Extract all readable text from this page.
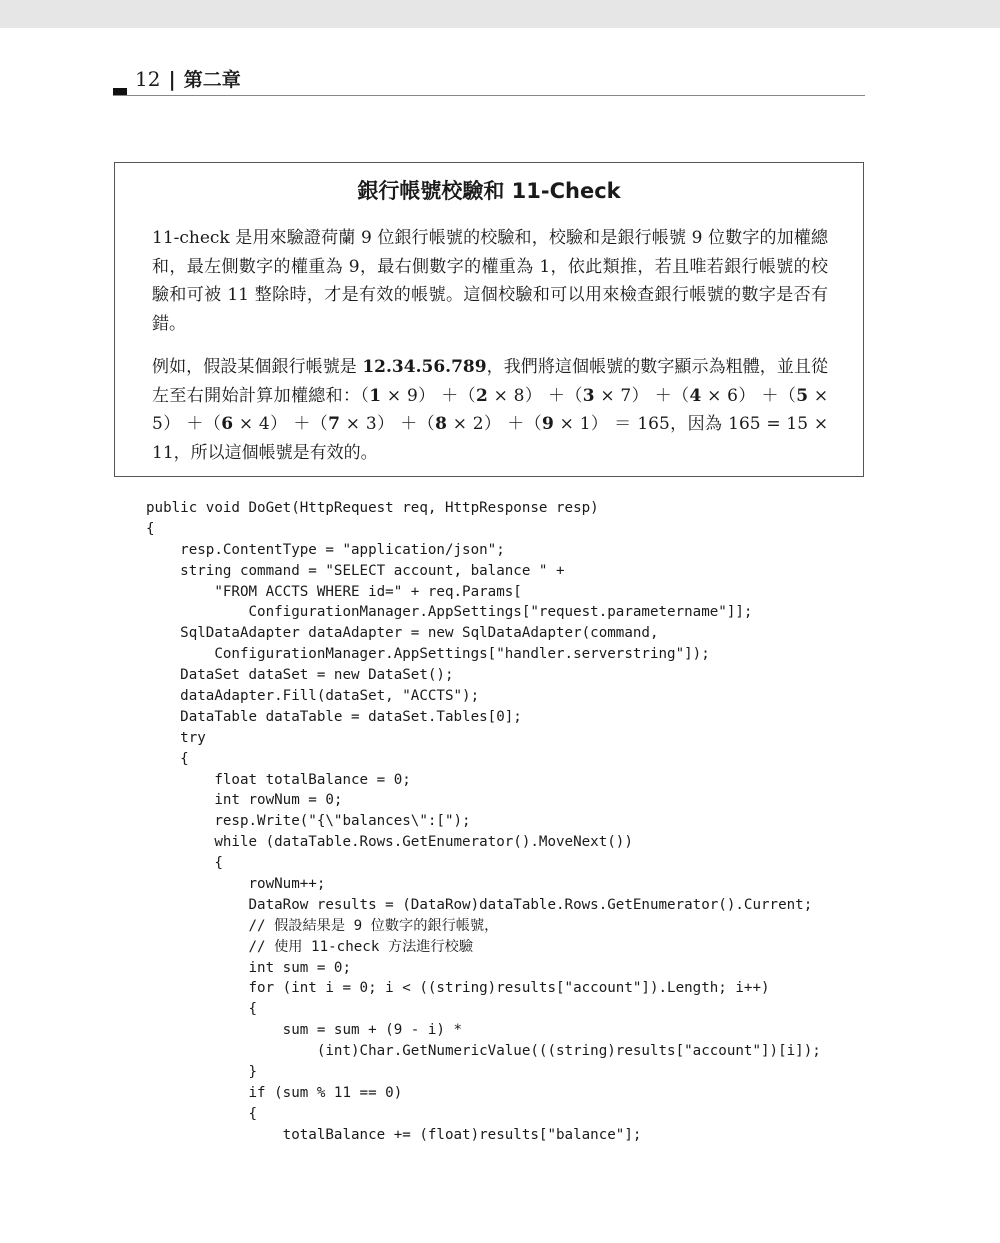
12 | 第二章
銀行帳號校驗和 11-Check

11-check 是用來驗證荷蘭 9 位銀行帳號的校驗和，校驗和是銀行帳號 9 位數字的加權總和，最左側數字的權重為 9，最右側數字的權重為 1，依此類推，若且唯若銀行帳號的校驗和可被 11 整除時，才是有效的帳號。這個校驗和可以用來檢查銀行帳號的數字是否有錯。

例如，假設某個銀行帳號是 12.34.56.789，我們將這個帳號的數字顯示為粗體，並且從左至右開始計算加權總和：（1 × 9） ＋（2 × 8） ＋（3 × 7） ＋（4 × 6） ＋（5 × 5） ＋（6 × 4） ＋（7 × 3） ＋（8 × 2） ＋（9 × 1） ＝ 165，因為 165 = 15 × 11，所以這個帳號是有效的。

public void DoGet(HttpRequest req, HttpResponse resp)
{
resp.ContentType = "application/json";
string command = "SELECT account, balance " +
"FROM ACCTS WHERE id=" + req.Params[
ConfigurationManager.AppSettings["request.parametername"]];
SqlDataAdapter dataAdapter = new SqlDataAdapter(command,
ConfigurationManager.AppSettings["handler.serverstring"]);
DataSet dataSet = new DataSet();
dataAdapter.Fill(dataSet, "ACCTS");
DataTable dataTable = dataSet.Tables[0];
try
{
float totalBalance = 0;
int rowNum = 0;
resp.Write("{\"balances\":[");
while (dataTable.Rows.GetEnumerator().MoveNext())
{
rowNum++;
DataRow results = (DataRow)dataTable.Rows.GetEnumerator().Current;
// 假設結果是 9 位數字的銀行帳號，
// 使用 11-check 方法進行校驗
int sum = 0;
for (int i = 0; i < ((string)results["account"]).Length; i++)
{
sum = sum + (9 - i) *
(int)Char.GetNumericValue(((string)results["account"])[i]);
}
if (sum % 11 == 0)
{
totalBalance += (float)results["balance"];
